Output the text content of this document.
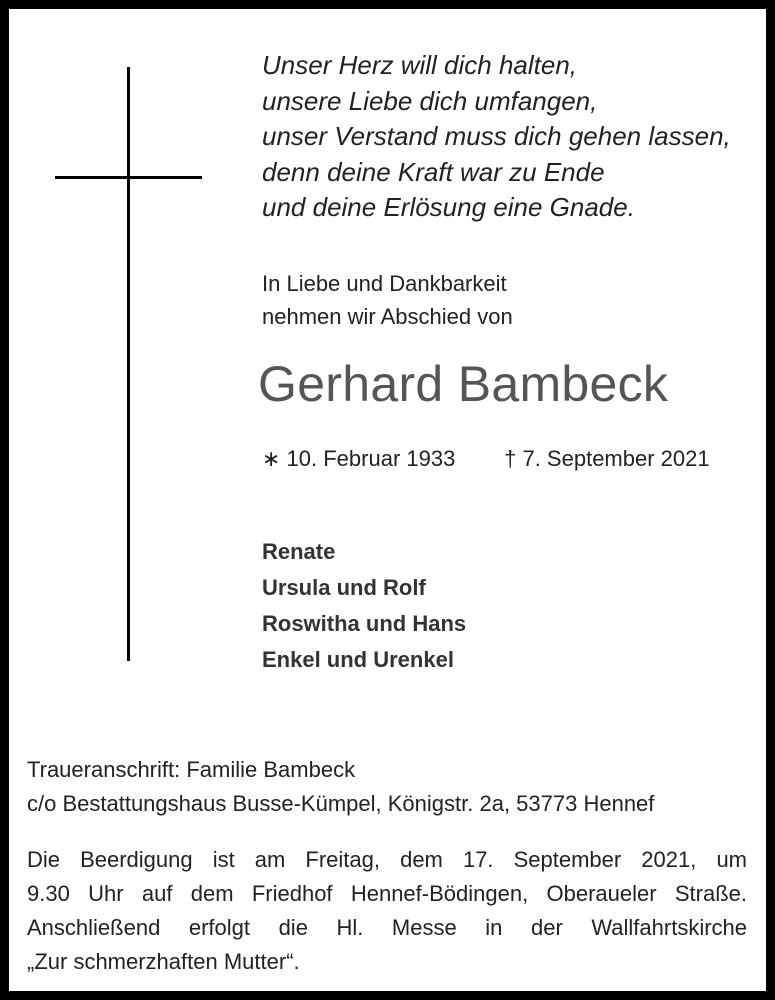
Unser Herz will dich halten,
unsere Liebe dich umfangen,
unser Verstand muss dich gehen lassen,
denn deine Kraft war zu Ende
und deine Erlösung eine Gnade.

In Liebe und Dankbarkeit
nehmen wir Abschied von

Gerhard Bambeck
∗ 10. Februar 1933 † 7. September 2021
Renate
Ursula und Rolf
Roswitha und Hans
Enkel und Urenkel
Traueranschrift: Familie Bambeck
c/o Bestattungshaus Busse-Kümpel, Königstr. 2a, 53773 Hennef

Die Beerdigung ist am Freitag, dem 17. September 2021, um
9.30 Uhr auf dem Friedhof Hennef-Bödingen, Oberaueler Straße.
Anschließend erfolgt die Hl. Messe in der Wallfahrtskirche
„Zur schmerzhaften Mutter“.
